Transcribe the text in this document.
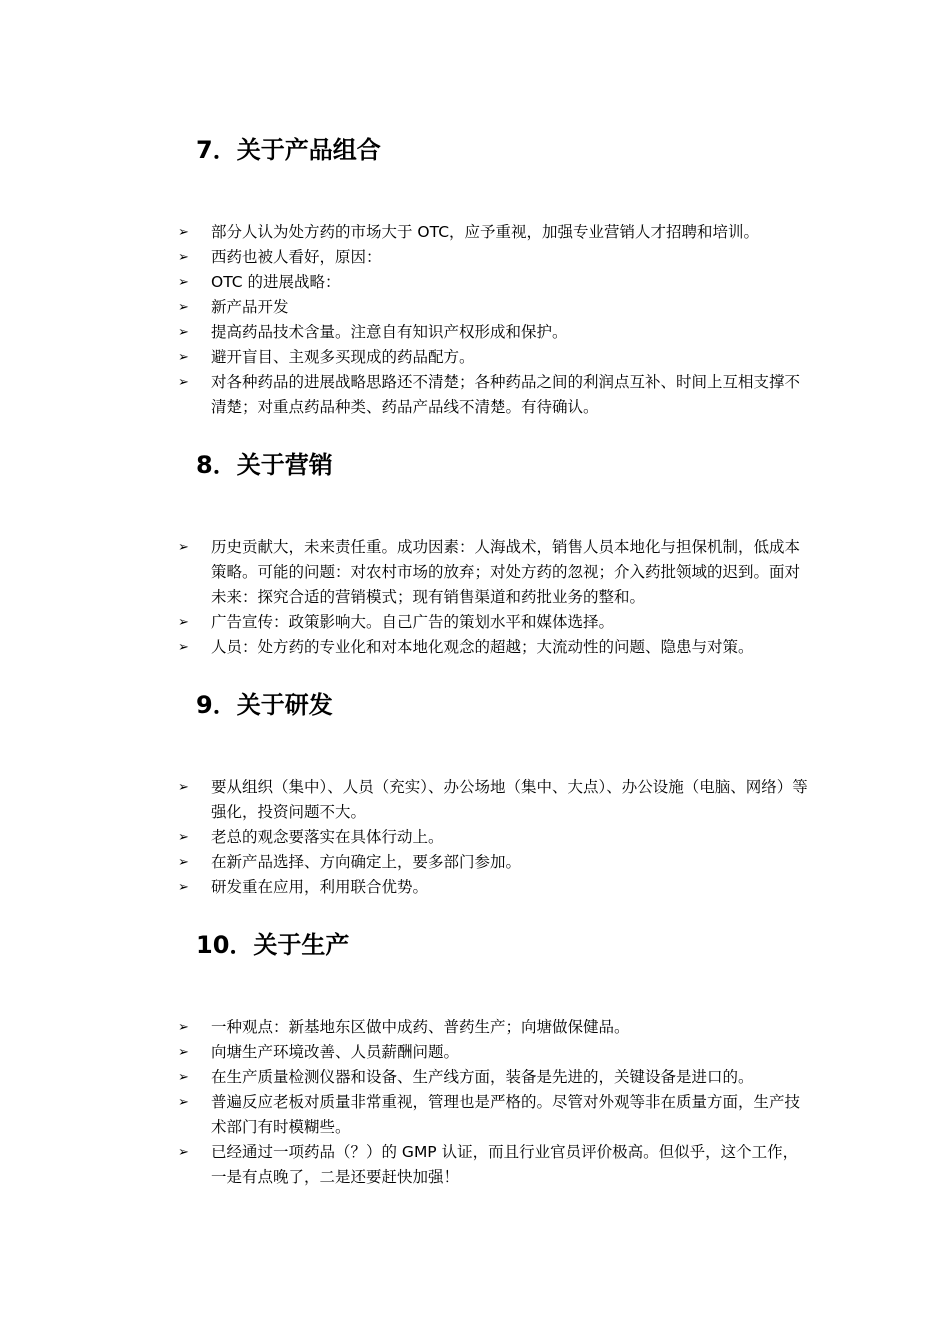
7．关于产品组合
➢ 部分人认为处方药的市场大于 OTC，应予重视，加强专业营销人才招聘和培训。
➢ 西药也被人看好，原因：
➢ OTC 的进展战略：
➢ 新产品开发
➢ 提高药品技术含量。注意自有知识产权形成和保护。
➢ 避开盲目、主观多买现成的药品配方。
➢ 对各种药品的进展战略思路还不清楚；各种药品之间的利润点互补、时间上互相支撑不清楚；对重点药品种类、药品产品线不清楚。有待确认。
8．关于营销
➢ 历史贡献大，未来责任重。成功因素：人海战术，销售人员本地化与担保机制，低成本策略。可能的问题：对农村市场的放弃；对处方药的忽视；介入药批领域的迟到。面对未来：探究合适的营销模式；现有销售渠道和药批业务的整和。
➢ 广告宣传：政策影响大。自己广告的策划水平和媒体选择。
➢ 人员：处方药的专业化和对本地化观念的超越；大流动性的问题、隐患与对策。
9．关于研发
➢ 要从组织（集中）、人员（充实）、办公场地（集中、大点）、办公设施（电脑、网络）等强化，投资问题不大。
➢ 老总的观念要落实在具体行动上。
➢ 在新产品选择、方向确定上，要多部门参加。
➢ 研发重在应用，利用联合优势。
10．关于生产
➢ 一种观点：新基地东区做中成药、普药生产；向塘做保健品。
➢ 向塘生产环境改善、人员薪酬问题。
➢ 在生产质量检测仪器和设备、生产线方面，装备是先进的，关键设备是进口的。
➢ 普遍反应老板对质量非常重视，管理也是严格的。尽管对外观等非在质量方面，生产技术部门有时模糊些。
➢ 已经通过一项药品（？）的 GMP 认证，而且行业官员评价极高。但似乎，这个工作，一是有点晚了，二是还要赶快加强！
